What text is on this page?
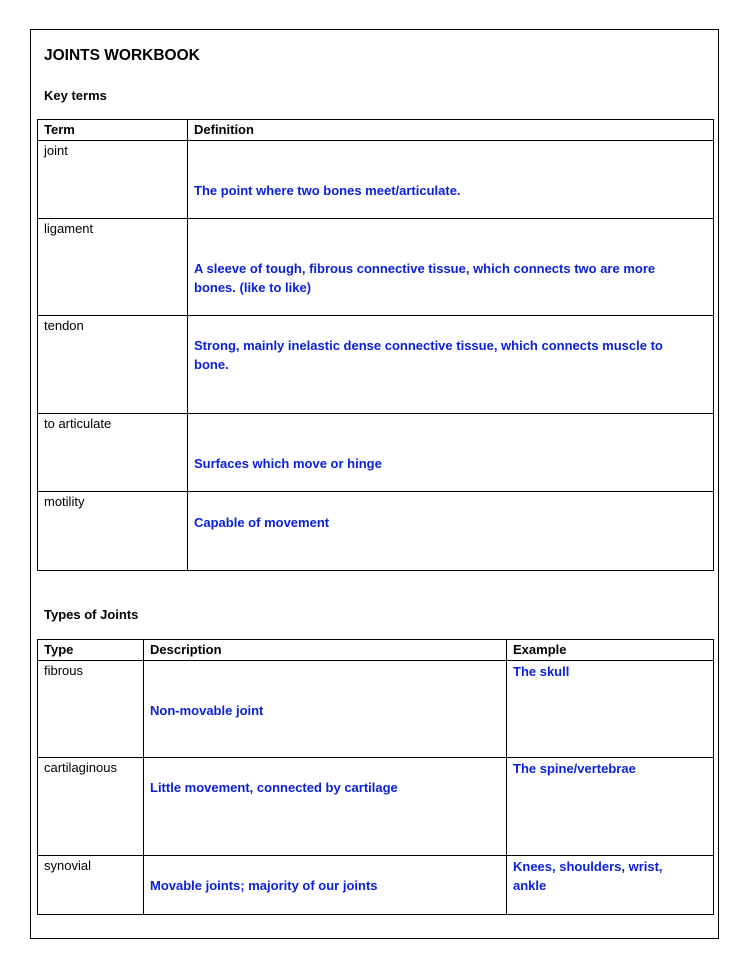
JOINTS WORKBOOK
Key terms
Term	Definition
joint	The point where two bones meet/articulate.

ligament	A sleeve of tough, fibrous connective tissue, which connects two are more bones. (like to like)

tendon	Strong, mainly inelastic dense connective tissue, which connects muscle to bone.

to articulate	Surfaces which move or hinge

motility	Capable of movement
Types of Joints
Type	Description	Example
fibrous	Non-movable joint	The skull

cartilaginous	Little movement, connected by cartilage	The spine/vertebrae

synovial	Movable joints; majority of our joints	Knees, shoulders, wrist, ankle
